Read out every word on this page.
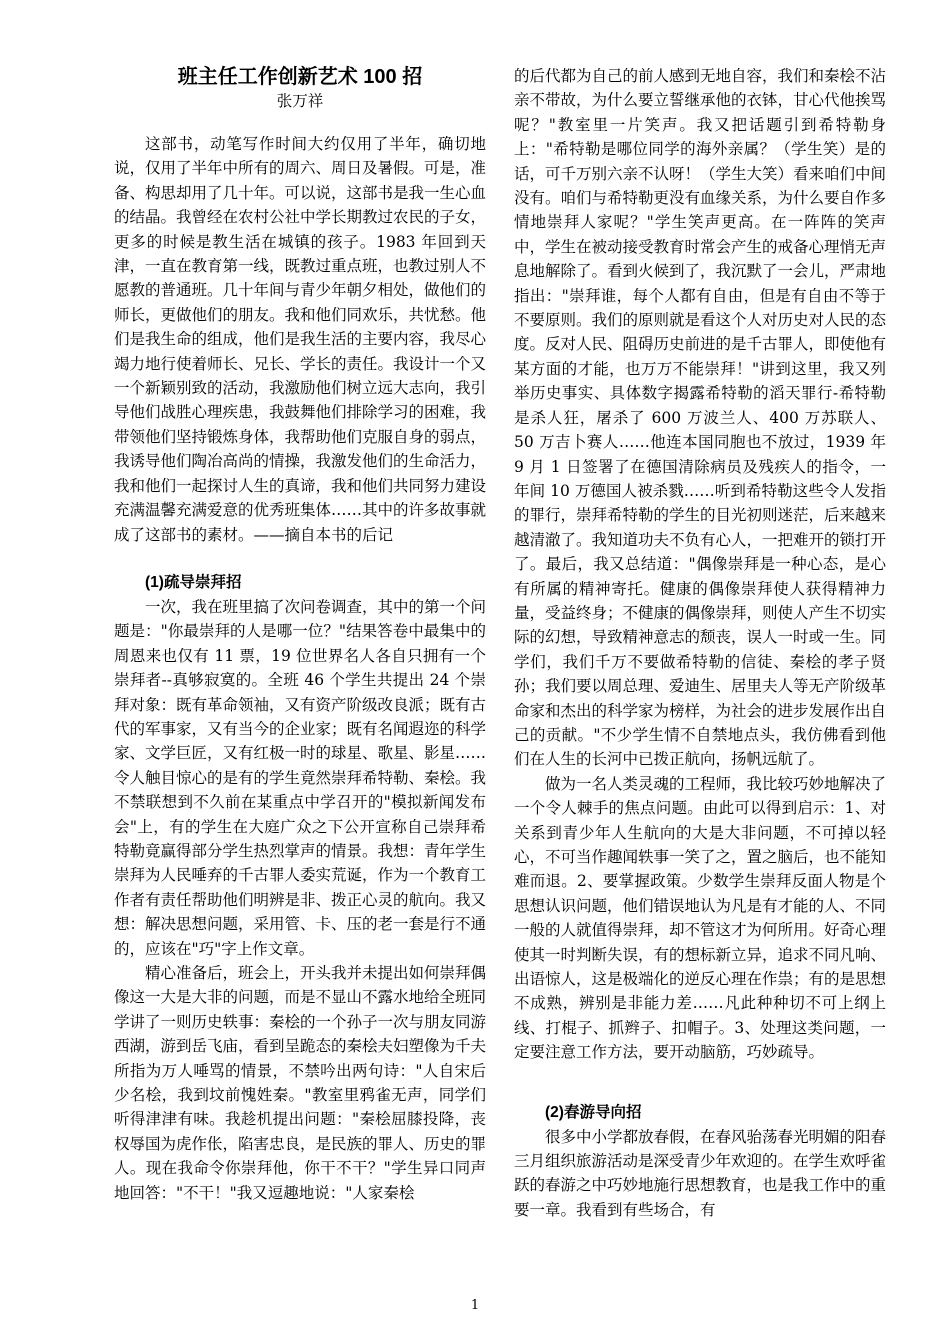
班主任工作创新艺术 100 招

张万祥

这部书，动笔写作时间大约仅用了半年，确切地说，仅用了半年中所有的周六、周日及暑假。可是，准备、构思却用了几十年。可以说，这部书是我一生心血的结晶。我曾经在农村公社中学长期教过农民的子女，更多的时候是教生活在城镇的孩子。1983 年回到天津，一直在教育第一线，既教过重点班，也教过别人不愿教的普通班。几十年间与青少年朝夕相处，做他们的师长，更做他们的朋友。我和他们同欢乐，共忧愁。他们是我生命的组成，他们是我生活的主要内容，我尽心竭力地行使着师长、兄长、学长的责任。我设计一个又一个新颖别致的活动，我激励他们树立远大志向，我引导他们战胜心理疾患，我鼓舞他们排除学习的困难，我带领他们坚持锻炼身体，我帮助他们克服自身的弱点，我诱导他们陶冶高尚的情操，我激发他们的生命活力，我和他们一起探讨人生的真谛，我和他们共同努力建设充满温馨充满爱意的优秀班集体……其中的许多故事就成了这部书的素材。——摘自本书的后记

(1)疏导崇拜招

一次，我在班里搞了次问卷调查，其中的第一个问题是："你最崇拜的人是哪一位？"结果答卷中最集中的周恩来也仅有 11 票，19 位世界名人各自只拥有一个崇拜者--真够寂寞的。全班 46 个学生共提出 24 个崇拜对象：既有革命领袖，又有资产阶级改良派；既有古代的军事家，又有当今的企业家；既有名闻遐迩的科学家、文学巨匠，又有红极一时的球星、歌星、影星……令人触目惊心的是有的学生竟然崇拜希特勒、秦桧。我不禁联想到不久前在某重点中学召开的"模拟新闻发布会"上，有的学生在大庭广众之下公开宣称自己崇拜希特勒竟赢得部分学生热烈掌声的情景。我想：青年学生崇拜为人民唾弃的千古罪人委实荒诞，作为一个教育工作者有责任帮助他们明辨是非、拨正心灵的航向。我又想：解决思想问题，采用管、卡、压的老一套是行不通的，应该在"巧"字上作文章。

精心准备后，班会上，开头我并未提出如何崇拜偶像这一大是大非的问题，而是不显山不露水地给全班同学讲了一则历史轶事：秦桧的一个孙子一次与朋友同游西湖，游到岳飞庙，看到呈跪态的秦桧夫妇塑像为千夫所指为万人唾骂的情景，不禁吟出两句诗："人自宋后少名桧，我到坟前愧姓秦。"教室里鸦雀无声，同学们听得津津有味。我趁机提出问题："秦桧屈膝投降，丧权辱国为虎作伥，陷害忠良，是民族的罪人、历史的罪人。现在我命令你崇拜他，你干不干？"学生异口同声地回答："不干！"我又逗趣地说："人家秦桧

的后代都为自己的前人感到无地自容，我们和秦桧不沾亲不带故，为什么要立誓继承他的衣钵，甘心代他挨骂呢？"教室里一片笑声。我又把话题引到希特勒身上："希特勒是哪位同学的海外亲属？（学生笑）是的话，可千万别六亲不认呀！（学生大笑）看来咱们中间没有。咱们与希特勒更没有血缘关系，为什么要自作多情地崇拜人家呢？"学生笑声更高。在一阵阵的笑声中，学生在被动接受教育时常会产生的戒备心理悄无声息地解除了。看到火候到了，我沉默了一会儿，严肃地指出："崇拜谁，每个人都有自由，但是有自由不等于不要原则。我们的原则就是看这个人对历史对人民的态度。反对人民、阻碍历史前进的是千古罪人，即使他有某方面的才能，也万万不能崇拜！"讲到这里，我又列举历史事实、具体数字揭露希特勒的滔天罪行-希特勒是杀人狂，屠杀了 600 万波兰人、400 万苏联人、50 万吉卜赛人……他连本国同胞也不放过，1939 年 9 月 1 日签署了在德国清除病员及残疾人的指令，一年间 10 万德国人被杀戮……听到希特勒这些令人发指的罪行，崇拜希特勒的学生的目光初则迷茫，后来越来越清澈了。我知道功夫不负有心人，一把难开的锁打开了。最后，我又总结道："偶像崇拜是一种心态，是心有所属的精神寄托。健康的偶像崇拜使人获得精神力量，受益终身；不健康的偶像崇拜，则使人产生不切实际的幻想，导致精神意志的颓丧，误人一时或一生。同学们，我们千万不要做希特勒的信徒、秦桧的孝子贤孙；我们要以周总理、爱迪生、居里夫人等无产阶级革命家和杰出的科学家为榜样，为社会的进步发展作出自己的贡献。"不少学生情不自禁地点头，我仿佛看到他们在人生的长河中已拨正航向，扬帆远航了。

做为一名人类灵魂的工程师，我比较巧妙地解决了一个令人棘手的焦点问题。由此可以得到启示：1、对关系到青少年人生航向的大是大非问题，不可掉以轻心，不可当作趣闻轶事一笑了之，置之脑后，也不能知难而退。2、要掌握政策。少数学生崇拜反面人物是个思想认识问题，他们错误地认为凡是有才能的人、不同一般的人就值得崇拜，却不管这才为何所用。好奇心理使其一时判断失误，有的想标新立异，追求不同凡响、出语惊人，这是极端化的逆反心理在作祟；有的是思想不成熟，辨别是非能力差……凡此种种切不可上纲上线、打棍子、抓辫子、扣帽子。3、处理这类问题，一定要注意工作方法，要开动脑筋，巧妙疏导。

(2)春游导向招

很多中小学都放春假，在春风骀荡春光明媚的阳春三月组织旅游活动是深受青少年欢迎的。在学生欢呼雀跃的春游之中巧妙地施行思想教育，也是我工作中的重要一章。我看到有些场合，有

1
